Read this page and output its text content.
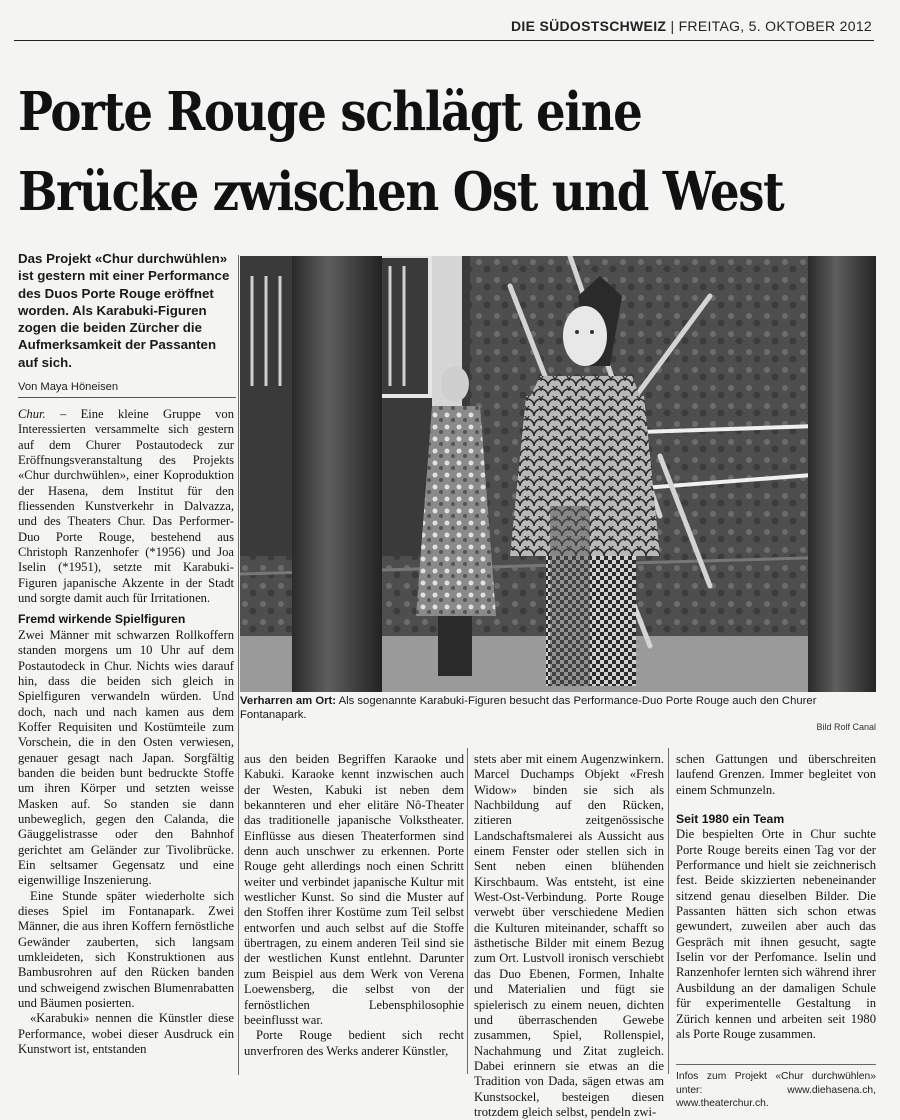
DIE SÜDOSTSCHWEIZ | FREITAG, 5. OKTOBER 2012
Porte Rouge schlägt eine
Brücke zwischen Ost und West

Das Projekt «Chur durchwühlen» ist gestern mit einer Performance des Duos Porte Rouge eröffnet worden. Als Karabuki-Figuren zogen die beiden Zürcher die Aufmerksamkeit der Passanten auf sich.

Von Maya Höneisen
Verharren am Ort: Als sogenannte Karabuki-Figuren besucht das Performance-Duo Porte Rouge auch den Churer Fontanapark.
Bild Rolf Canal

Chur. – Eine kleine Gruppe von Interessierten versammelte sich gestern auf dem Churer Postautodeck zur Eröffnungsveranstaltung des Projekts «Chur durchwühlen», einer Koproduktion der Hasena, dem Institut für den fliessenden Kunstverkehr in Dalvazza, und des Theaters Chur. Das Performer-Duo Porte Rouge, bestehend aus Christoph Ranzenhofer (*1956) und Joa Iselin (*1951), setzte mit Karabuki-Figuren japanische Akzente in der Stadt und sorgte damit auch für Irritationen.

Fremd wirkende Spielfiguren

Zwei Männer mit schwarzen Rollkoffern standen morgens um 10 Uhr auf dem Postautodeck in Chur. Nichts wies darauf hin, dass die beiden sich gleich in Spielfiguren verwandeln würden. Und doch, nach und nach kamen aus dem Koffer Requisiten und Kostümteile zum Vorschein, die in den Osten verwiesen, genauer gesagt nach Japan. Sorgfältig banden die beiden bunt bedruckte Stoffe um ihren Körper und setzten weisse Masken auf. So standen sie dann unbeweglich, gegen den Calanda, die Gäuggelistrasse oder den Bahnhof gerichtet am Geländer zur Tivolibrücke. Ein seltsamer Gegensatz und eine eigenwillige Inszenierung.

Eine Stunde später wiederholte sich dieses Spiel im Fontanapark. Zwei Männer, die aus ihren Koffern fernöstliche Gewänder zauberten, sich langsam umkleideten, sich Konstruktionen aus Bambusrohren auf den Rücken banden und schweigend zwischen Blumenrabatten und Bäumen posierten.

«Karabuki» nennen die Künstler diese Performance, wobei dieser Ausdruck ein Kunstwort ist, entstanden

aus den beiden Begriffen Karaoke und Kabuki. Karaoke kennt inzwischen auch der Westen, Kabuki ist neben dem bekannteren und eher elitäre Nô-Theater das traditionelle japanische Volkstheater. Einflüsse aus diesen Theaterformen sind denn auch unschwer zu erkennen. Porte Rouge geht allerdings noch einen Schritt weiter und verbindet japanische Kultur mit westlicher Kunst. So sind die Muster auf den Stoffen ihrer Kostüme zum Teil selbst entworfen und auch selbst auf die Stoffe übertragen, zu einem anderen Teil sind sie der westlichen Kunst entlehnt. Darunter zum Beispiel aus dem Werk von Verena Loewensberg, die selbst von der fernöstlichen Lebensphilosophie beeinflusst war.

Porte Rouge bedient sich recht unverfroren des Werks anderer Künstler,

stets aber mit einem Augenzwinkern. Marcel Duchamps Objekt «Fresh Widow» binden sie sich als Nachbildung auf den Rücken, zitieren zeitgenössische Landschaftsmalerei als Aussicht aus einem Fenster oder stellen sich in Sent neben einen blühenden Kirschbaum. Was entsteht, ist eine West-Ost-Verbindung. Porte Rouge verwebt über verschiedene Medien die Kulturen miteinander, schafft so ästhetische Bilder mit einem Bezug zum Ort. Lustvoll ironisch verschiebt das Duo Ebenen, Formen, Inhalte und Materialien und fügt sie spielerisch zu einem neuen, dichten und überraschenden Gewebe zusammen, Spiel, Rollenspiel, Nachahmung und Zitat zugleich. Dabei erinnern sie etwas an die Tradition von Dada, sägen etwas am Kunstsockel, besteigen diesen trotzdem gleich selbst, pendeln zwi-

schen Gattungen und überschreiten laufend Grenzen. Immer begleitet von einem Schmunzeln.

Seit 1980 ein Team

Die bespielten Orte in Chur suchte Porte Rouge bereits einen Tag vor der Performance und hielt sie zeichnerisch fest. Beide skizzierten nebeneinander sitzend genau dieselben Bilder. Die Passanten hätten sich schon etwas gewundert, zuweilen aber auch das Gespräch mit ihnen gesucht, sagte Iselin vor der Perfomance. Iselin und Ranzenhofer lernten sich während ihrer Ausbildung an der damaligen Schule für experimentelle Gestaltung in Zürich kennen und arbeiten seit 1980 als Porte Rouge zusammen.

Infos zum Projekt «Chur durchwühlen» unter: www.diehasena.ch, www.theaterchur.ch.
